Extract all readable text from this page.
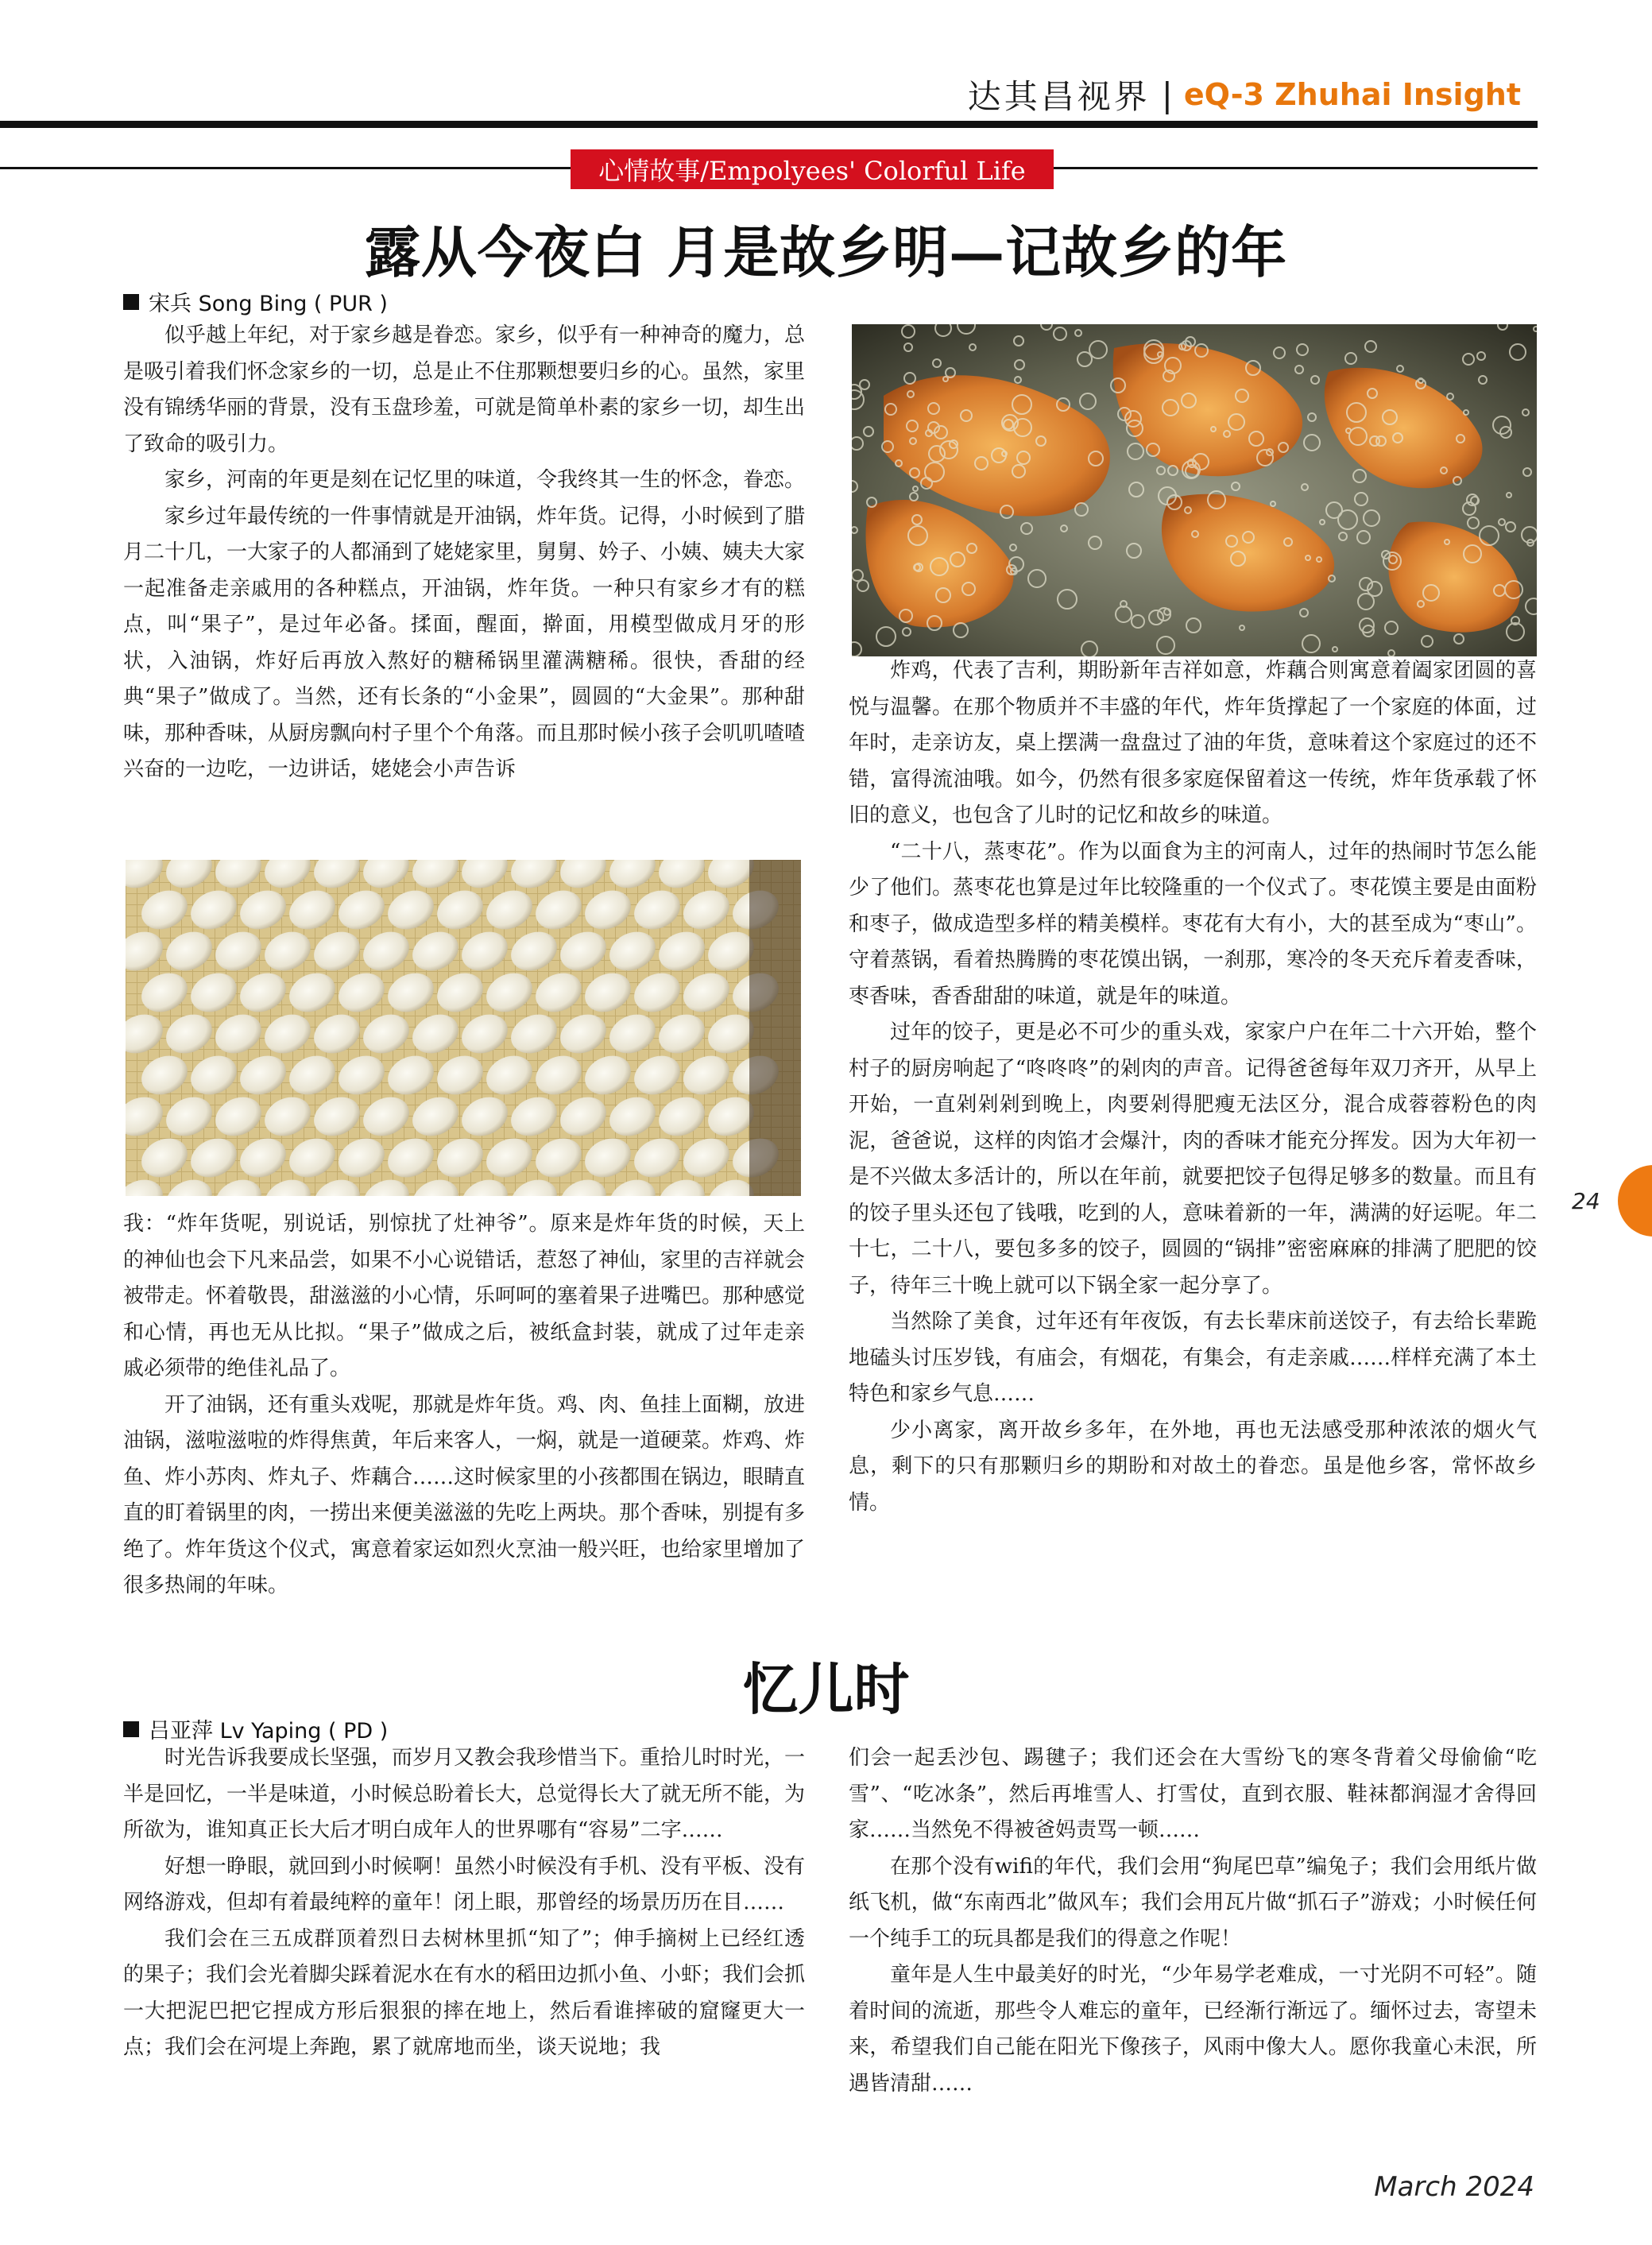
达其昌视界 | eQ-3 Zhuhai Insight
心情故事/Empolyees' Colorful Life
露从今夜白 月是故乡明—记故乡的年
宋兵 Song Bing ( PUR )

似乎越上年纪，对于家乡越是眷恋。家乡，似乎有一种神奇的魔力，总是吸引着我们怀念家乡的一切，总是止不住那颗想要归乡的心。虽然，家里没有锦绣华丽的背景，没有玉盘珍羞，可就是简单朴素的家乡一切，却生出了致命的吸引力。

家乡，河南的年更是刻在记忆里的味道，令我终其一生的怀念，眷恋。

家乡过年最传统的一件事情就是开油锅，炸年货。记得，小时候到了腊月二十几，一大家子的人都涌到了姥姥家里，舅舅、妗子、小姨、姨夫大家一起准备走亲戚用的各种糕点，开油锅，炸年货。一种只有家乡才有的糕点，叫“果子”，是过年必备。揉面，醒面，擀面，用模型做成月牙的形状，入油锅，炸好后再放入熬好的糖稀锅里灌满糖稀。很快，香甜的经典“果子”做成了。当然，还有长条的“小金果”，圆圆的“大金果”。那种甜味，那种香味，从厨房飘向村子里个个角落。而且那时候小孩子会叽叽喳喳兴奋的一边吃，一边讲话，姥姥会小声告诉

我：“炸年货呢，别说话，别惊扰了灶神爷”。原来是炸年货的时候，天上的神仙也会下凡来品尝，如果不小心说错话，惹怒了神仙，家里的吉祥就会被带走。怀着敬畏，甜滋滋的小心情，乐呵呵的塞着果子进嘴巴。那种感觉和心情，再也无从比拟。“果子”做成之后，被纸盒封装，就成了过年走亲戚必须带的绝佳礼品了。

开了油锅，还有重头戏呢，那就是炸年货。鸡、肉、鱼挂上面糊，放进油锅，滋啦滋啦的炸得焦黄，年后来客人，一焖，就是一道硬菜。炸鸡、炸鱼、炸小苏肉、炸丸子、炸藕合……这时候家里的小孩都围在锅边，眼睛直直的盯着锅里的肉，一捞出来便美滋滋的先吃上两块。那个香味，别提有多绝了。炸年货这个仪式，寓意着家运如烈火烹油一般兴旺，也给家里增加了很多热闹的年味。

炸鸡，代表了吉利，期盼新年吉祥如意，炸藕合则寓意着阖家团圆的喜悦与温馨。在那个物质并不丰盛的年代，炸年货撑起了一个家庭的体面，过年时，走亲访友，桌上摆满一盘盘过了油的年货，意味着这个家庭过的还不错，富得流油哦。如今，仍然有很多家庭保留着这一传统，炸年货承载了怀旧的意义，也包含了儿时的记忆和故乡的味道。

“二十八，蒸枣花”。作为以面食为主的河南人，过年的热闹时节怎么能少了他们。蒸枣花也算是过年比较隆重的一个仪式了。枣花馍主要是由面粉和枣子，做成造型多样的精美模样。枣花有大有小，大的甚至成为“枣山”。守着蒸锅，看着热腾腾的枣花馍出锅，一刹那，寒冷的冬天充斥着麦香味，枣香味，香香甜甜的味道，就是年的味道。

过年的饺子，更是必不可少的重头戏，家家户户在年二十六开始，整个村子的厨房响起了“咚咚咚”的剁肉的声音。记得爸爸每年双刀齐开，从早上开始，一直剁剁剁到晚上，肉要剁得肥瘦无法区分，混合成蓉蓉粉色的肉泥，爸爸说，这样的肉馅才会爆汁，肉的香味才能充分挥发。因为大年初一是不兴做太多活计的，所以在年前，就要把饺子包得足够多的数量。而且有的饺子里头还包了钱哦，吃到的人，意味着新的一年，满满的好运呢。年二十七，二十八，要包多多的饺子，圆圆的“锅排”密密麻麻的排满了肥肥的饺子，待年三十晚上就可以下锅全家一起分享了。

当然除了美食，过年还有年夜饭，有去长辈床前送饺子，有去给长辈跪地磕头讨压岁钱，有庙会，有烟花，有集会，有走亲戚……样样充满了本土特色和家乡气息……

少小离家，离开故乡多年，在外地，再也无法感受那种浓浓的烟火气息，剩下的只有那颗归乡的期盼和对故土的眷恋。虽是他乡客，常怀故乡情。

忆儿时
吕亚萍 Lv Yaping ( PD )

时光告诉我要成长坚强，而岁月又教会我珍惜当下。重拾儿时时光，一半是回忆，一半是味道，小时候总盼着长大，总觉得长大了就无所不能，为所欲为，谁知真正长大后才明白成年人的世界哪有“容易”二字……

好想一睁眼，就回到小时候啊！虽然小时候没有手机、没有平板、没有网络游戏，但却有着最纯粹的童年！闭上眼，那曾经的场景历历在目……

我们会在三五成群顶着烈日去树林里抓“知了”；伸手摘树上已经红透的果子；我们会光着脚尖踩着泥水在有水的稻田边抓小鱼、小虾；我们会抓一大把泥巴把它捏成方形后狠狠的摔在地上，然后看谁摔破的窟窿更大一点；我们会在河堤上奔跑，累了就席地而坐，谈天说地；我

们会一起丢沙包、踢毽子；我们还会在大雪纷飞的寒冬背着父母偷偷“吃雪”、“吃冰条”，然后再堆雪人、打雪仗，直到衣服、鞋袜都润湿才舍得回家……当然免不得被爸妈责骂一顿……

在那个没有wifi的年代，我们会用“狗尾巴草”编兔子；我们会用纸片做纸飞机，做“东南西北”做风车；我们会用瓦片做“抓石子”游戏；小时候任何一个纯手工的玩具都是我们的得意之作呢！

童年是人生中最美好的时光，“少年易学老难成，一寸光阴不可轻”。随着时间的流逝，那些令人难忘的童年，已经渐行渐远了。缅怀过去，寄望未来，希望我们自己能在阳光下像孩子，风雨中像大人。愿你我童心未泯，所遇皆清甜……

24
March 2024
